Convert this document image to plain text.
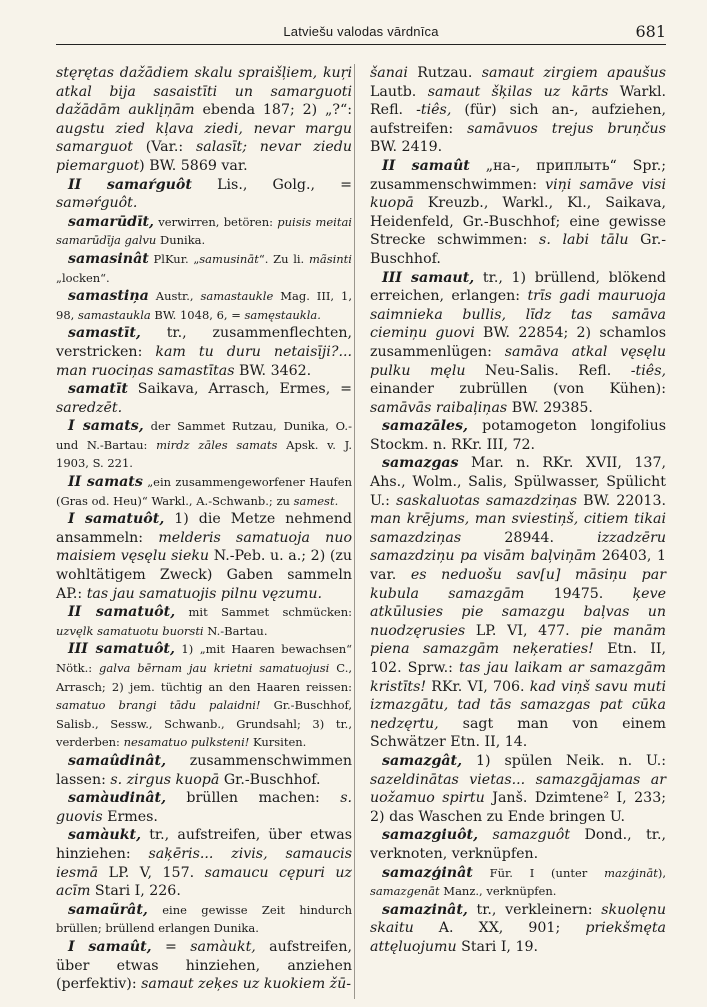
Latviešu valodas vārdnīca	681

stęrętas dažādiem skalu spraišļiem, kuŗi atkal bija sasaistīti un samarguoti dažādām auklįņām ebenda 187; 2) „?“: augstu zied kļava ziedi, nevar margu samarguot (Var.: salasīt; nevar ziedu piemarguot) BW. 5869 var.

II samaŕguôt Lis., Golg., = saməŕguôt.

samarūdīt, verwirren, betören: puisis meitai samarūdīja galvu Dunika.

samasinât PlKur. „samusināt“. Zu li. mãsinti „locken“.

samastiņa Austr., samastaukle Mag. III, 1, 98, samastaukla BW. 1048, 6, = samęstaukla.

samastīt, tr., zusammenflechten, verstricken: kam tu duru netaisīji?... man ruociņas samastītas BW. 3462.

samatīt Saikava, Arrasch, Ermes, = saredzēt.

I samats, der Sammet Rutzau, Dunika, O.- und N.-Bartau: mirdz zāles samats Apsk. v. J. 1903, S. 221.

II samats „ein zusammengeworfener Haufen (Gras od. Heu)“ Warkl., A.-Schwanb.; zu samest.

I samatuôt, 1) die Metze nehmend ansammeln: melderis samatuoja nuo maisiem vęsęlu sieku N.-Peb. u. a.; 2) (zu wohltätigem Zweck) Gaben sammeln AP.: tas jau samatuojis pilnu vęzumu.

II samatuôt, mit Sammet schmücken: uzvęlk samatuotu buorsti N.-Bartau.

III samatuôt, 1) „mit Haaren bewachsen“ Nötk.: galva bērnam jau krietni samatuojusi C., Arrasch; 2) jem. tüchtig an den Haaren reissen: samatuo brangi tādu palaidni! Gr.-Buschhof, Salisb., Sessw., Schwanb., Grundsahl; 3) tr., verderben: nesamatuo pulksteni! Kursiten.

samaûdinât, zusammenschwimmen lassen: s. zirgus kuopā Gr.-Buschhof.

samàudinât, brüllen machen: s. guovis Ermes.

samàukt, tr., aufstreifen, über etwas hinziehen: saķēris... zivis, samaucis iesmā LP. V, 157. samaucu cępuri uz acīm Stari I, 226.

samaũrât, eine gewisse Zeit hindurch brüllen; brüllend erlangen Dunika.

I samaût, = samàukt, aufstreifen, über etwas hinziehen, anziehen (perfektiv): samaut zeķes uz kuokiem žū-

šanai Rutzau. samaut zirgiem apaušus Lautb. samaut šķilas uz kārts Warkl. Refl. -tiês, (für) sich an-, aufziehen, aufstreifen: samāvuos trejus bruņčus BW. 2419.

II samaût „на-, приплыть“ Spr.; zusammenschwimmen: viņi samāve visi kuopā Kreuzb., Warkl., Kl., Saikava, Heidenfeld, Gr.-Buschhof; eine gewisse Strecke schwimmen: s. labi tālu Gr.-Buschhof.

III samaut, tr., 1) brüllend, blökend erreichen, erlangen: trīs gadi mauruoja saimnieka bullis, līdz tas samāva ciemiņu guovi BW. 22854; 2) schamlos zusammenlügen: samāva atkal vęsęlu pulku męlu Neu-Salis. Refl. -tiês, einander zubrüllen (von Kühen): samāvās raibaļiņas BW. 29385.

samazāles, potamogeton longifolius Stockm. n. RKr. III, 72.

samazgas Mar. n. RKr. XVII, 137, Ahs., Wolm., Salis, Spülwasser, Spülicht U.: saskaluotas samazdziņas BW. 22013. man krējums, man sviestiņš, citiem tikai samazdziņas 28944. izzadzēru samazdziņu pa visām baļviņām 26403, 1 var. es neduošu sav[u] māsiņu par kubula samazgām 19475. ķeve atkūlusies pie samazgu baļvas un nuodzęrusies LP. VI, 477. pie manām piena samazgām neķeraties! Etn. II, 102. Sprw.: tas jau laikam ar samazgām kristīts! RKr. VI, 706. kad viņš savu muti izmazgātu, tad tās samazgas pat cūka nedzęrtu, sagt man von einem Schwätzer Etn. II, 14.

samazgât, 1) spülen Neik. n. U.: sazeldinātas vietas... samazgājamas ar uožamuo spirtu Janš. Dzimtene² I, 233; 2) das Waschen zu Ende bringen U.

samazgiuôt, samazguôt Dond., tr., verknoten, verknüpfen.

samazģinât Für. I (unter mazģināt), samazgenāt Manz., verknüpfen.

samazinât, tr., verkleinern: skuolęnu skaitu A. XX, 901; priekšmęta attęluojumu Stari I, 19.
